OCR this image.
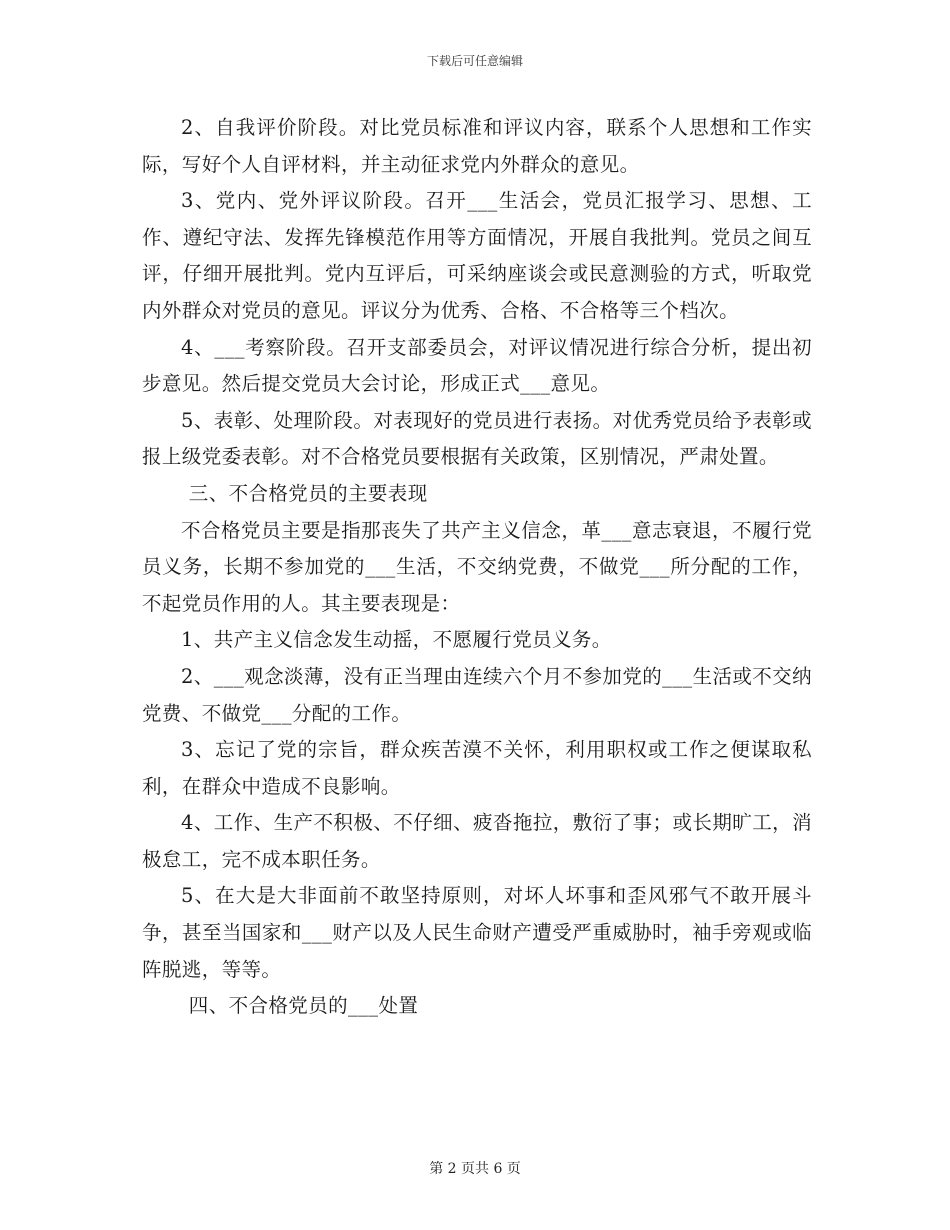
下载后可任意编辑

2、自我评价阶段。对比党员标准和评议内容，联系个人思想和工作实际，写好个人自评材料，并主动征求党内外群众的意见。

3、党内、党外评议阶段。召开___生活会，党员汇报学习、思想、工作、遵纪守法、发挥先锋模范作用等方面情况，开展自我批判。党员之间互评，仔细开展批判。党内互评后，可采纳座谈会或民意测验的方式，听取党内外群众对党员的意见。评议分为优秀、合格、不合格等三个档次。

4、___考察阶段。召开支部委员会，对评议情况进行综合分析，提出初步意见。然后提交党员大会讨论，形成正式___意见。

5、表彰、处理阶段。对表现好的党员进行表扬。对优秀党员给予表彰或报上级党委表彰。对不合格党员要根据有关政策，区别情况，严肃处置。

三、不合格党员的主要表现

不合格党员主要是指那丧失了共产主义信念，革___意志衰退，不履行党员义务，长期不参加党的___生活，不交纳党费，不做党___所分配的工作，不起党员作用的人。其主要表现是：

1、共产主义信念发生动摇，不愿履行党员义务。

2、___观念淡薄，没有正当理由连续六个月不参加党的___生活或不交纳党费、不做党___分配的工作。

3、忘记了党的宗旨，群众疾苦漠不关怀，利用职权或工作之便谋取私利，在群众中造成不良影响。

4、工作、生产不积极、不仔细、疲沓拖拉，敷衍了事；或长期旷工，消极怠工，完不成本职任务。

5、在大是大非面前不敢坚持原则，对坏人坏事和歪风邪气不敢开展斗争，甚至当国家和___财产以及人民生命财产遭受严重威胁时，袖手旁观或临阵脱逃，等等。

四、不合格党员的___处置

第 2 页共 6 页
